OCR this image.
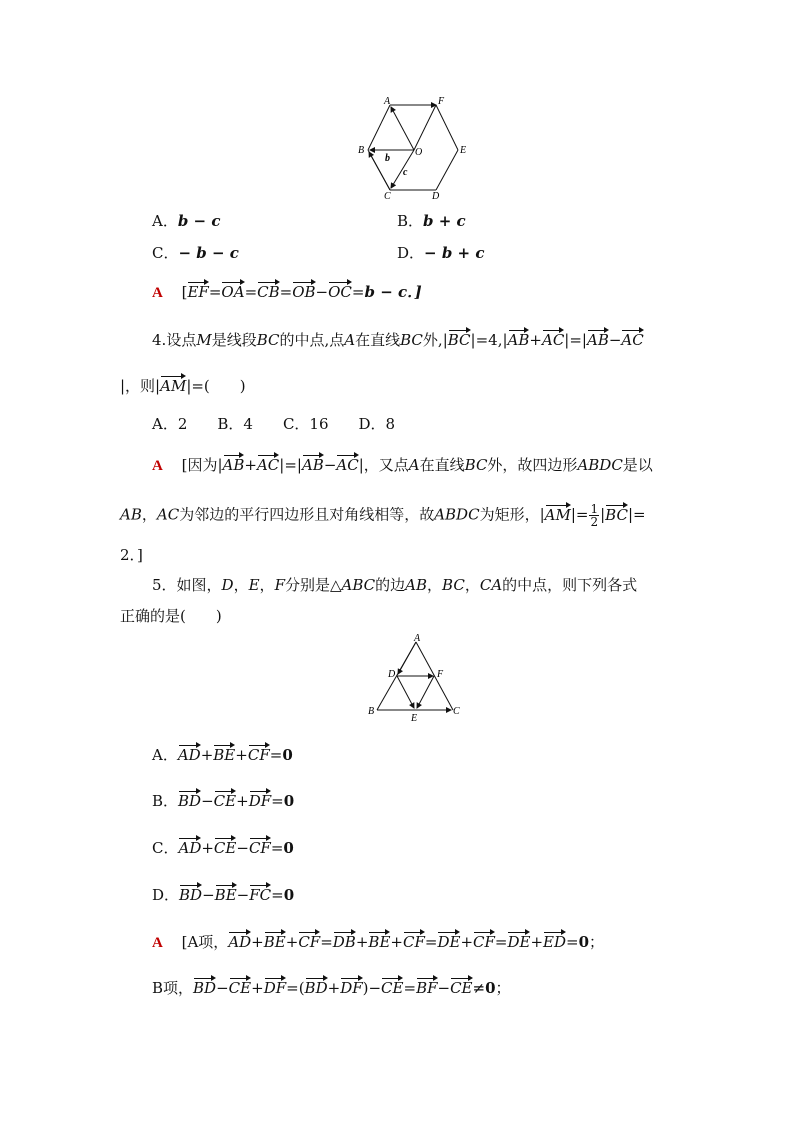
A	F
B	O	E
C	D
b
c
A．b − c	B．b + c
C．− b − c	D．− b + c
A [EF=OA=CB=OB−OC=b − c．]
4.设点M是线段BC的中点,点A在直线BC外,|BC|=4,|AB+AC|=|AB−AC
|，则|AM|=(　　)
A．2　　B．4　　C．16　　D．8
A [因为|AB+AC|=|AB−AC|，又点A在直线BC外，故四边形ABDC是以
AB，AC为邻边的平行四边形且对角线相等，故ABDC为矩形，$|AM|= \frac{1}{2} |BC|=$
2．]
5．如图，D，E，F分别是△ABC的边AB，BC，CA的中点，则下列各式
正确的是(　　)
A
D	F
B
E
C
A．AD+BE+CF=0
B．BD−CE+DF=0
C．AD+CE−CF=0
D．BD−BE−FC=0
A [A项，AD+BE+CF=DB+BE+CF=DE+CF=DE+ED=0；
B项，BD−CE+DF=(BD+DF)−CE=BF−CE≠0；
